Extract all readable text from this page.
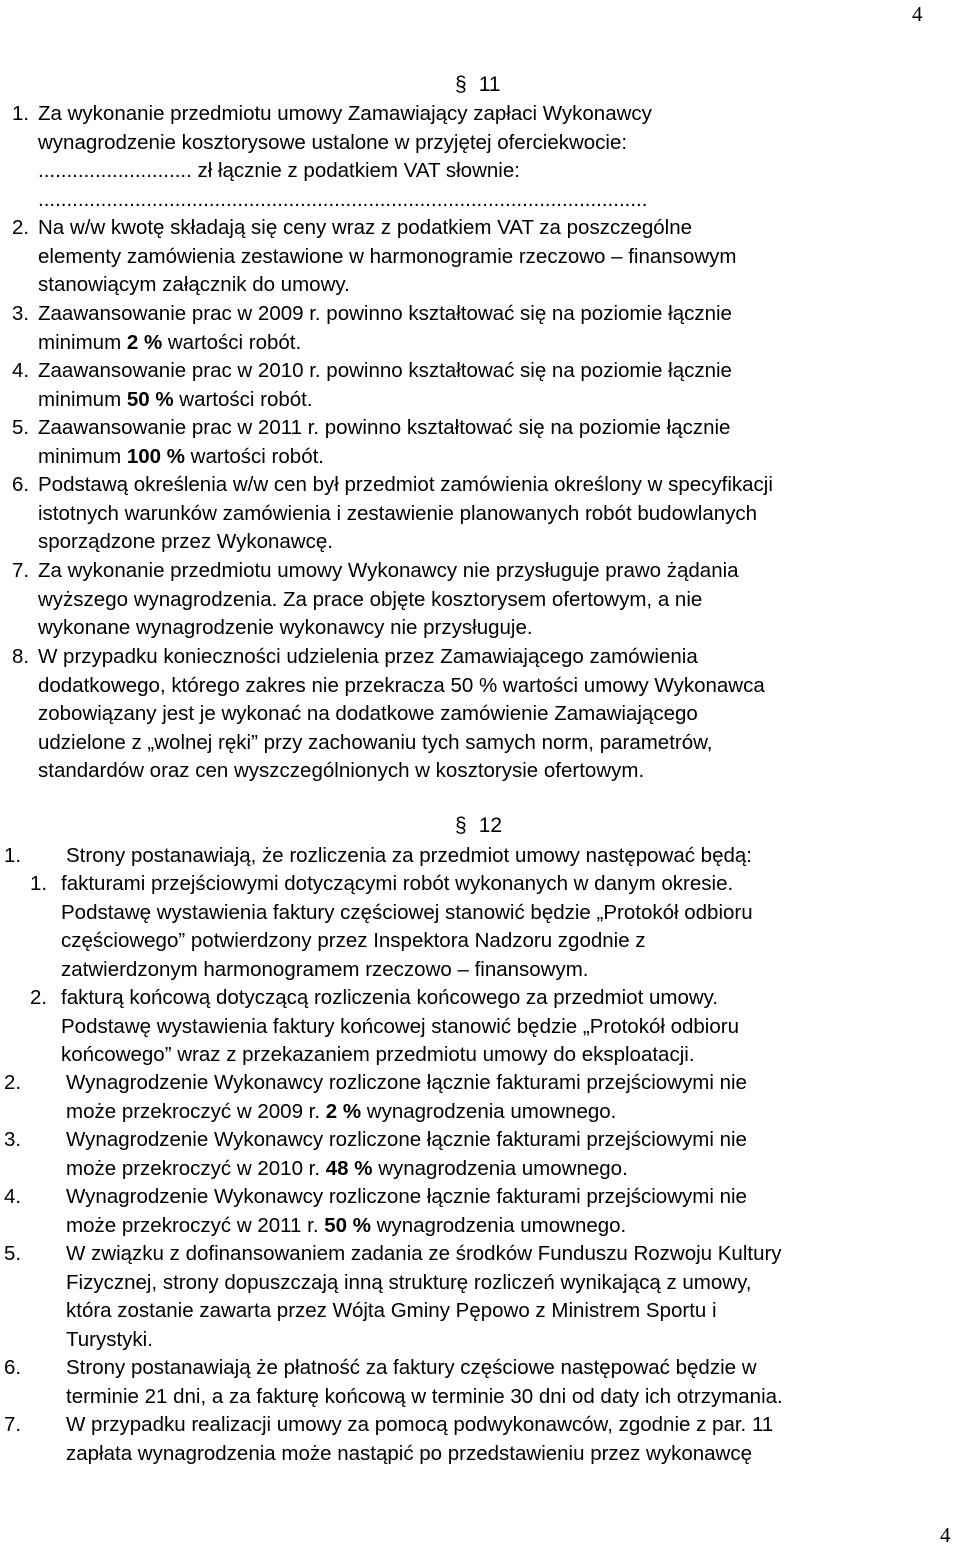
4
§ 11
1. Za wykonanie przedmiotu umowy Zamawiający zapłaci Wykonawcy
wynagrodzenie kosztorysowe ustalone w przyjętej oferciekwocie:
........................... zł łącznie z podatkiem VAT słownie:
...........................................................................................................
2. Na w/w kwotę składają się ceny wraz z podatkiem VAT za poszczególne
elementy zamówienia zestawione w harmonogramie rzeczowo – finansowym
stanowiącym załącznik do umowy.
3. Zaawansowanie prac w 2009 r. powinno kształtować się na poziomie łącznie
minimum 2 % wartości robót.
4. Zaawansowanie prac w 2010 r. powinno kształtować się na poziomie łącznie
minimum 50 % wartości robót.
5. Zaawansowanie prac w 2011 r. powinno kształtować się na poziomie łącznie
minimum 100 % wartości robót.
6. Podstawą określenia w/w cen był przedmiot zamówienia określony w specyfikacji
istotnych warunków zamówienia i zestawienie planowanych robót budowlanych
sporządzone przez Wykonawcę.
7. Za wykonanie przedmiotu umowy Wykonawcy nie przysługuje prawo żądania
wyższego wynagrodzenia. Za prace objęte kosztorysem ofertowym, a nie
wykonane wynagrodzenie wykonawcy nie przysługuje.
8. W przypadku konieczności udzielenia przez Zamawiającego zamówienia
dodatkowego, którego zakres nie przekracza 50 % wartości umowy Wykonawca
zobowiązany jest je wykonać na dodatkowe zamówienie Zamawiającego
udzielone z „wolnej ręki” przy zachowaniu tych samych norm, parametrów,
standardów oraz cen wyszczególnionych w kosztorysie ofertowym.
§ 12
1. Strony postanawiają, że rozliczenia za przedmiot umowy następować będą:
1. fakturami przejściowymi dotyczącymi robót wykonanych w danym okresie.
Podstawę wystawienia faktury częściowej stanowić będzie „Protokół odbioru
częściowego” potwierdzony przez Inspektora Nadzoru zgodnie z
zatwierdzonym harmonogramem rzeczowo – finansowym.
2. fakturą końcową dotyczącą rozliczenia końcowego za przedmiot umowy.
Podstawę wystawienia faktury końcowej stanowić będzie „Protokół odbioru
końcowego” wraz z przekazaniem przedmiotu umowy do eksploatacji.
2. Wynagrodzenie Wykonawcy rozliczone łącznie fakturami przejściowymi nie
może przekroczyć w 2009 r. 2 % wynagrodzenia umownego.
3. Wynagrodzenie Wykonawcy rozliczone łącznie fakturami przejściowymi nie
może przekroczyć w 2010 r. 48 % wynagrodzenia umownego.
4. Wynagrodzenie Wykonawcy rozliczone łącznie fakturami przejściowymi nie
może przekroczyć w 2011 r. 50 % wynagrodzenia umownego.
5. W związku z dofinansowaniem zadania ze środków Funduszu Rozwoju Kultury
Fizycznej, strony dopuszczają inną strukturę rozliczeń wynikającą z umowy,
która zostanie zawarta przez Wójta Gminy Pępowo z Ministrem Sportu i
Turystyki.
6. Strony postanawiają że płatność za faktury częściowe następować będzie w
terminie 21 dni, a za fakturę końcową w terminie 30 dni od daty ich otrzymania.
7. W przypadku realizacji umowy za pomocą podwykonawców, zgodnie z par. 11
zapłata wynagrodzenia może nastąpić po przedstawieniu przez wykonawcę
4
